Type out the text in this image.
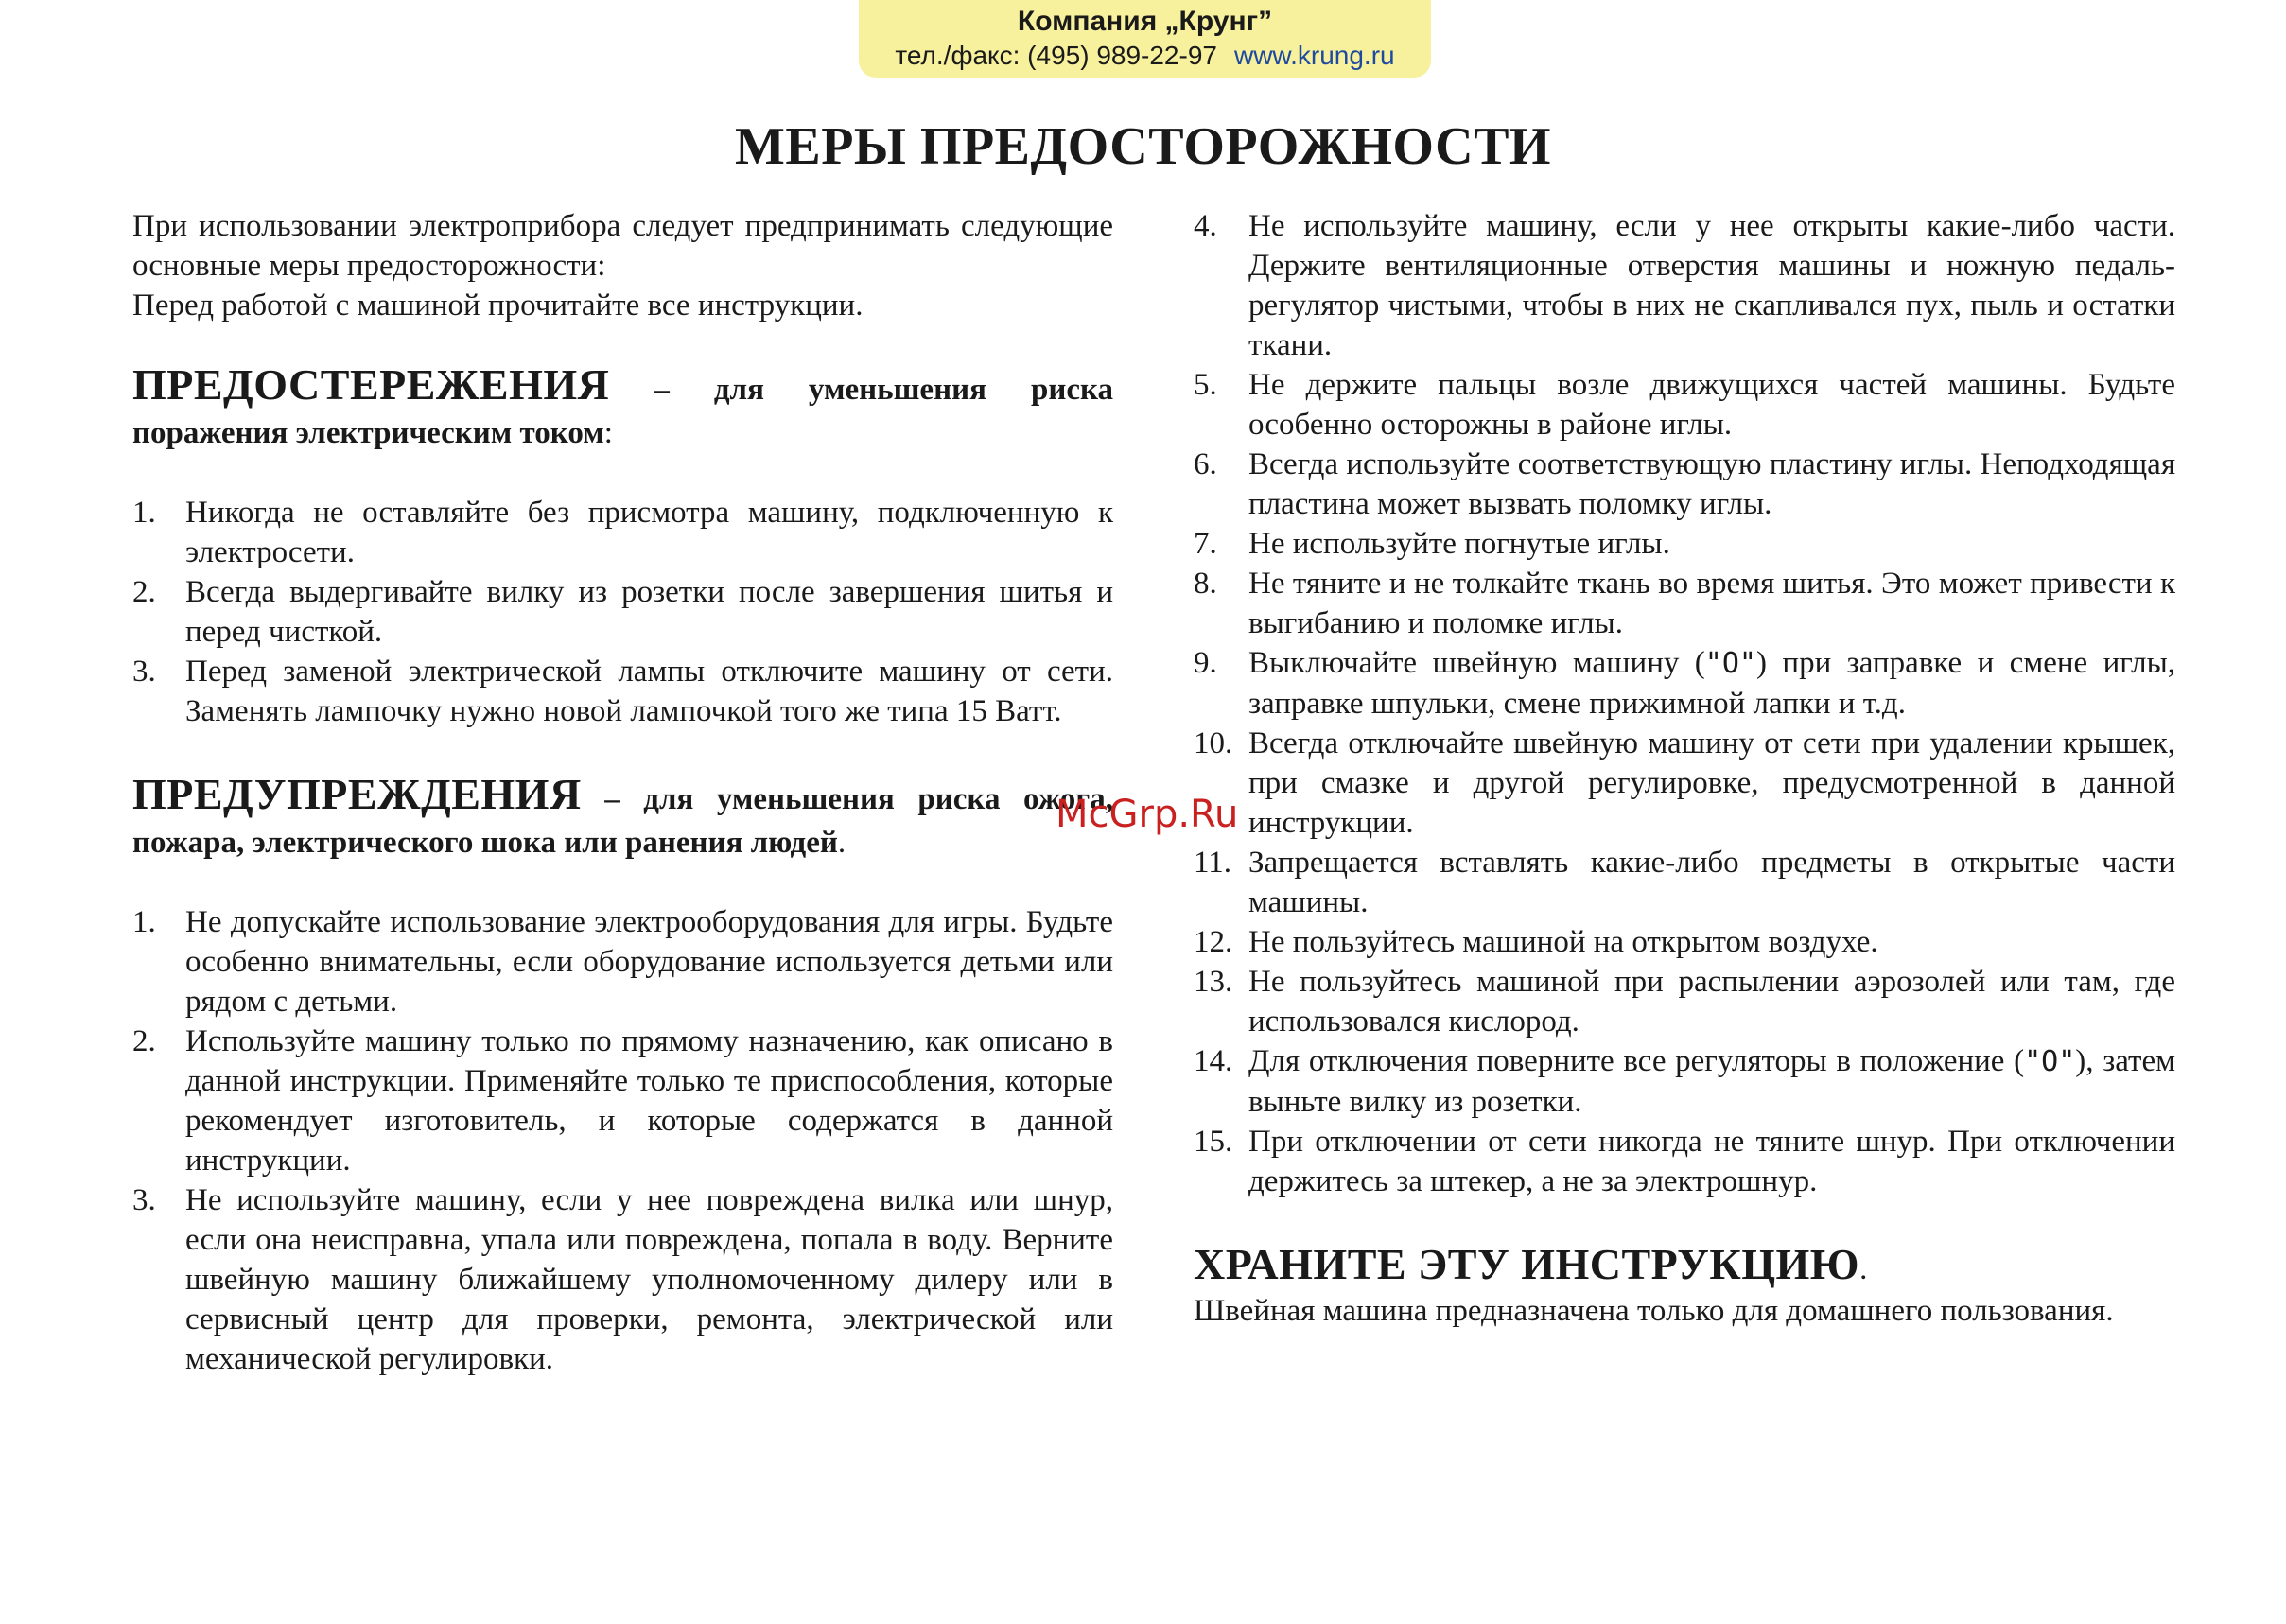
Компания „Крунг”
тел./факс: (495) 989-22-97 www.krung.ru
МЕРЫ ПРЕДОСТОРОЖНОСТИ

При использовании электроприбора следует предпринимать следующие основные меры предосторожности:

Перед работой с машиной прочитайте все инструкции.

ПРЕДОСТЕРЕЖЕНИЯ – для уменьшения риска поражения электрическим током:

1. Никогда не оставляйте без присмотра машину, подключенную к электросети.
2. Всегда выдергивайте вилку из розетки после завершения шитья и перед чисткой.
3. Перед заменой электрической лампы отключите машину от сети. Заменять лампочку нужно новой лампочкой того же типа 15 Ватт.

ПРЕДУПРЕЖДЕНИЯ – для уменьшения риска ожога, пожара, электрического шока или ранения людей.

1. Не допускайте использование электрооборудования для игры. Будьте особенно внимательны, если оборудование используется детьми или рядом с детьми.
2. Используйте машину только по прямому назначению, как описано в данной инструкции. Применяйте только те приспособления, которые рекомендует изготовитель, и которые содержатся в данной инструкции.
3. Не используйте машину, если у нее повреждена вилка или шнур, если она неисправна, упала или повреждена, попала в воду. Верните швейную машину ближайшему уполномоченному дилеру или в сервисный центр для проверки, ремонта, электрической или механической регулировки.
4. Не используйте машину, если у нее открыты какие-либо части. Держите вентиляционные отверстия машины и ножную педаль-регулятор чистыми, чтобы в них не скапливался пух, пыль и остатки ткани.
5. Не держите пальцы возле движущихся частей машины. Будьте особенно осторожны в районе иглы.
6. Всегда используйте соответствующую пластину иглы. Неподходящая пластина может вызвать поломку иглы.
7. Не используйте погнутые иглы.
8. Не тяните и не толкайте ткань во время шитья. Это может привести к выгибанию и поломке иглы.
9. Выключайте швейную машину ("O") при заправке и смене иглы, заправке шпульки, смене прижимной лапки и т.д.
10. Всегда отключайте швейную машину от сети при удалении крышек, при смазке и другой регулировке, предусмотренной в данной инструкции.
11. Запрещается вставлять какие-либо предметы в открытые части машины.
12. Не пользуйтесь машиной на открытом воздухе.
13. Не пользуйтесь машиной при распылении аэрозолей или там, где использовался кислород.
14. Для отключения поверните все регуляторы в положение ("O"), затем выньте вилку из розетки.
15. При отключении от сети никогда не тяните шнур. При отключении держитесь за штекер, а не за электрошнур.

ХРАНИТЕ ЭТУ ИНСТРУКЦИЮ.

Швейная машина предназначена только для домашнего пользования.

McGrp.Ru
